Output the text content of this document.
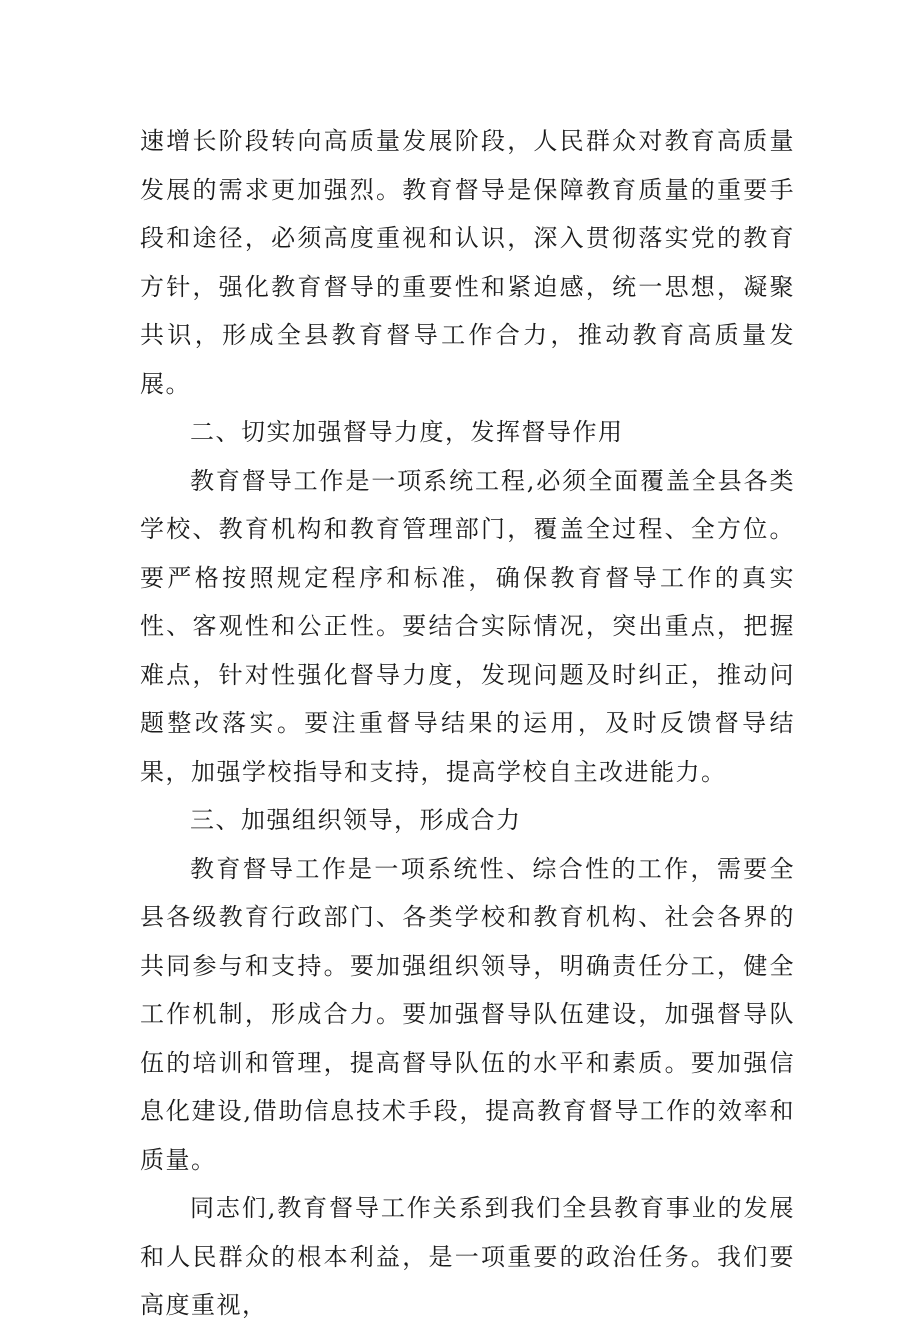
速增长阶段转向高质量发展阶段，人民群众对教育高质量发展的需求更加强烈。教育督导是保障教育质量的重要手段和途径，必须高度重视和认识，深入贯彻落实党的教育方针，强化教育督导的重要性和紧迫感，统一思想，凝聚共识，形成全县教育督导工作合力，推动教育高质量发展。

二、切实加强督导力度，发挥督导作用

教育督导工作是一项系统工程,必须全面覆盖全县各类学校、教育机构和教育管理部门，覆盖全过程、全方位。要严格按照规定程序和标准，确保教育督导工作的真实性、客观性和公正性。要结合实际情况，突出重点，把握难点，针对性强化督导力度，发现问题及时纠正，推动问题整改落实。要注重督导结果的运用，及时反馈督导结果，加强学校指导和支持，提高学校自主改进能力。

三、加强组织领导，形成合力

教育督导工作是一项系统性、综合性的工作，需要全县各级教育行政部门、各类学校和教育机构、社会各界的共同参与和支持。要加强组织领导，明确责任分工，健全工作机制，形成合力。要加强督导队伍建设，加强督导队伍的培训和管理，提高督导队伍的水平和素质。要加强信息化建设,借助信息技术手段，提高教育督导工作的效率和质量。

同志们,教育督导工作关系到我们全县教育事业的发展和人民群众的根本利益，是一项重要的政治任务。我们要高度重视，
